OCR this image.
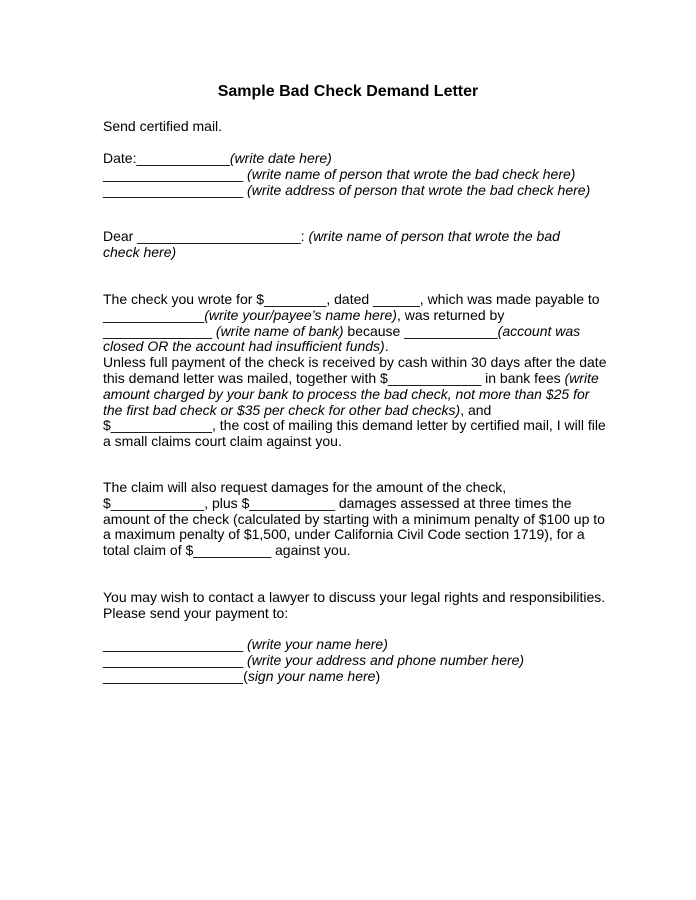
Sample Bad Check Demand Letter
Send certified mail.
Date:____________(write date here)
__________________ (write name of person that wrote the bad check here)
__________________ (write address of person that wrote the bad check here)
Dear _____________________: (write name of person that wrote the bad
check here)
The check you wrote for $________, dated ______, which was made payable to
_____________(write your/payee’s name here), was returned by
______________ (write name of bank) because ____________(account was
closed OR the account had insufficient funds).
Unless full payment of the check is received by cash within 30 days after the date
this demand letter was mailed, together with $____________ in bank fees (write
amount charged by your bank to process the bad check, not more than $25 for
the first bad check or $35 per check for other bad checks), and
$_____________, the cost of mailing this demand letter by certified mail, I will file
a small claims court claim against you.
The claim will also request damages for the amount of the check,
$____________, plus $___________ damages assessed at three times the
amount of the check (calculated by starting with a minimum penalty of $100 up to
a maximum penalty of $1,500, under California Civil Code section 1719), for a
total claim of $__________ against you.
You may wish to contact a lawyer to discuss your legal rights and responsibilities.
Please send your payment to:
__________________ (write your name here)
__________________ (write your address and phone number here)
__________________(sign your name here)
